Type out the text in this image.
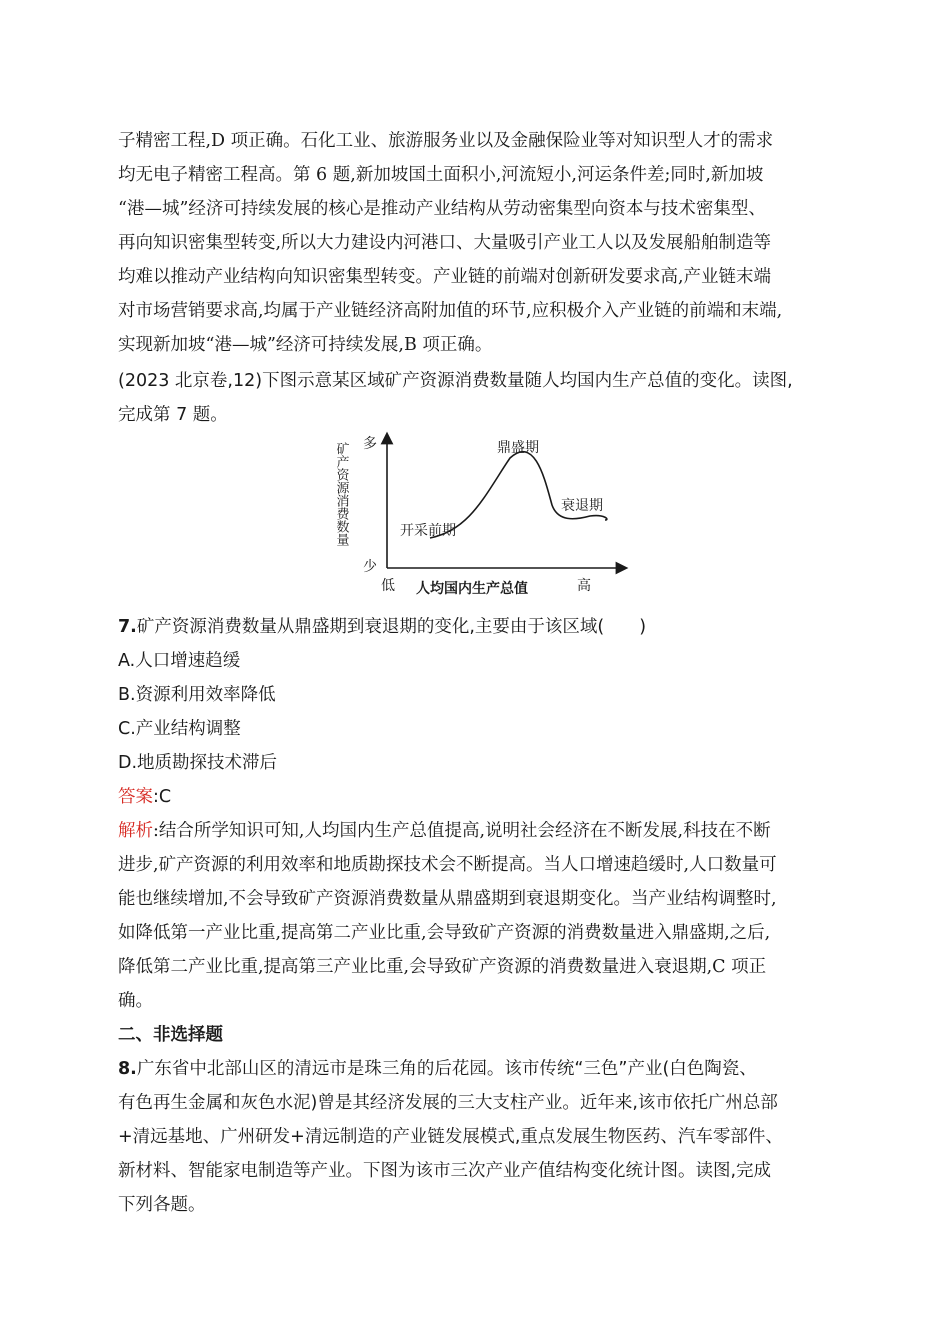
子精密工程,D 项正确。石化工业、旅游服务业以及金融保险业等对知识型人才的需求
均无电子精密工程高。第 6 题,新加坡国土面积小,河流短小,河运条件差;同时,新加坡
“港—城”经济可持续发展的核心是推动产业结构从劳动密集型向资本与技术密集型、
再向知识密集型转变,所以大力建设内河港口、大量吸引产业工人以及发展船舶制造等
均难以推动产业结构向知识密集型转变。产业链的前端对创新研发要求高,产业链末端
对市场营销要求高,均属于产业链经济高附加值的环节,应积极介入产业链的前端和末端,
实现新加坡“港—城”经济可持续发展,B 项正确。
(2023 北京卷,12)下图示意某区域矿产资源消费数量随人均国内生产总值的变化。读图,
完成第 7 题。
矿产资源消费数量 多
少
低 人均国内生产总值	高
开采前期
鼎盛期
衰退期
7.矿产资源消费数量从鼎盛期到衰退期的变化,主要由于该区域(　　)
A.人口增速趋缓
B.资源利用效率降低
C.产业结构调整
D.地质勘探技术滞后
答案:C
解析:结合所学知识可知,人均国内生产总值提高,说明社会经济在不断发展,科技在不断
进步,矿产资源的利用效率和地质勘探技术会不断提高。当人口增速趋缓时,人口数量可
能也继续增加,不会导致矿产资源消费数量从鼎盛期到衰退期变化。当产业结构调整时,
如降低第一产业比重,提高第二产业比重,会导致矿产资源的消费数量进入鼎盛期,之后,
降低第二产业比重,提高第三产业比重,会导致矿产资源的消费数量进入衰退期,C 项正
确。
二、非选择题
8.广东省中北部山区的清远市是珠三角的后花园。该市传统“三色”产业(白色陶瓷、
有色再生金属和灰色水泥)曾是其经济发展的三大支柱产业。近年来,该市依托广州总部
+清远基地、广州研发+清远制造的产业链发展模式,重点发展生物医药、汽车零部件、
新材料、智能家电制造等产业。下图为该市三次产业产值结构变化统计图。读图,完成
下列各题。
